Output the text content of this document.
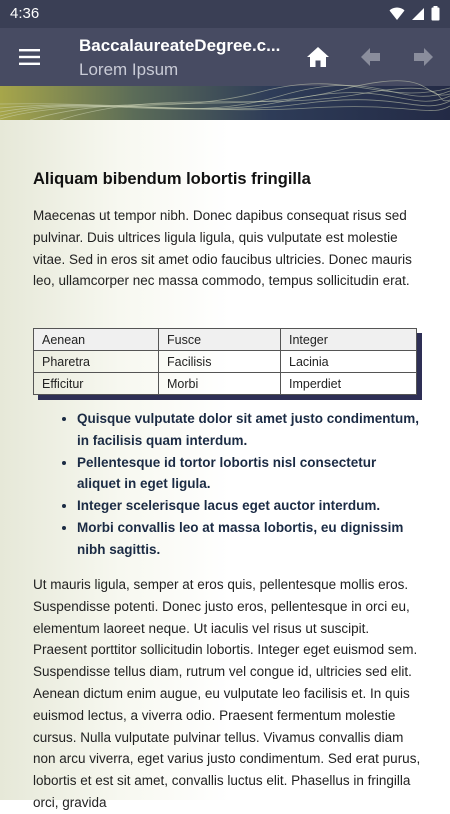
4:36
BaccalaureateDegree.c...
Lorem Ipsum
Aliquam bibendum lobortis fringilla

Maecenas ut tempor nibh. Donec dapibus consequat risus sed pulvinar. Duis ultrices ligula ligula, quis vulputate est molestie vitae. Sed in eros sit amet odio faucibus ultricies. Donec mauris leo, ullamcorper nec massa commodo, tempus sollicitudin erat.

Aenean	Fusce	Integer
Pharetra	Facilisis	Lacinia
Efficitur	Morbi	Imperdiet
• Quisque vulputate dolor sit amet justo condimentum, in facilisis quam interdum.
• Pellentesque id tortor lobortis nisl consectetur aliquet in eget ligula.
• Integer scelerisque lacus eget auctor interdum.
• Morbi convallis leo at massa lobortis, eu dignissim nibh sagittis.

Ut mauris ligula, semper at eros quis, pellentesque mollis eros. Suspendisse potenti. Donec justo eros, pellentesque in orci eu, elementum laoreet neque. Ut iaculis vel risus ut suscipit. Praesent porttitor sollicitudin lobortis. Integer eget euismod sem. Suspendisse tellus diam, rutrum vel congue id, ultricies sed elit. Aenean dictum enim augue, eu vulputate leo facilisis et. In quis euismod lectus, a viverra odio. Praesent fermentum molestie cursus. Nulla vulputate pulvinar tellus. Vivamus convallis diam non arcu viverra, eget varius justo condimentum. Sed erat purus, lobortis et est sit amet, convallis luctus elit. Phasellus in fringilla orci, gravida
